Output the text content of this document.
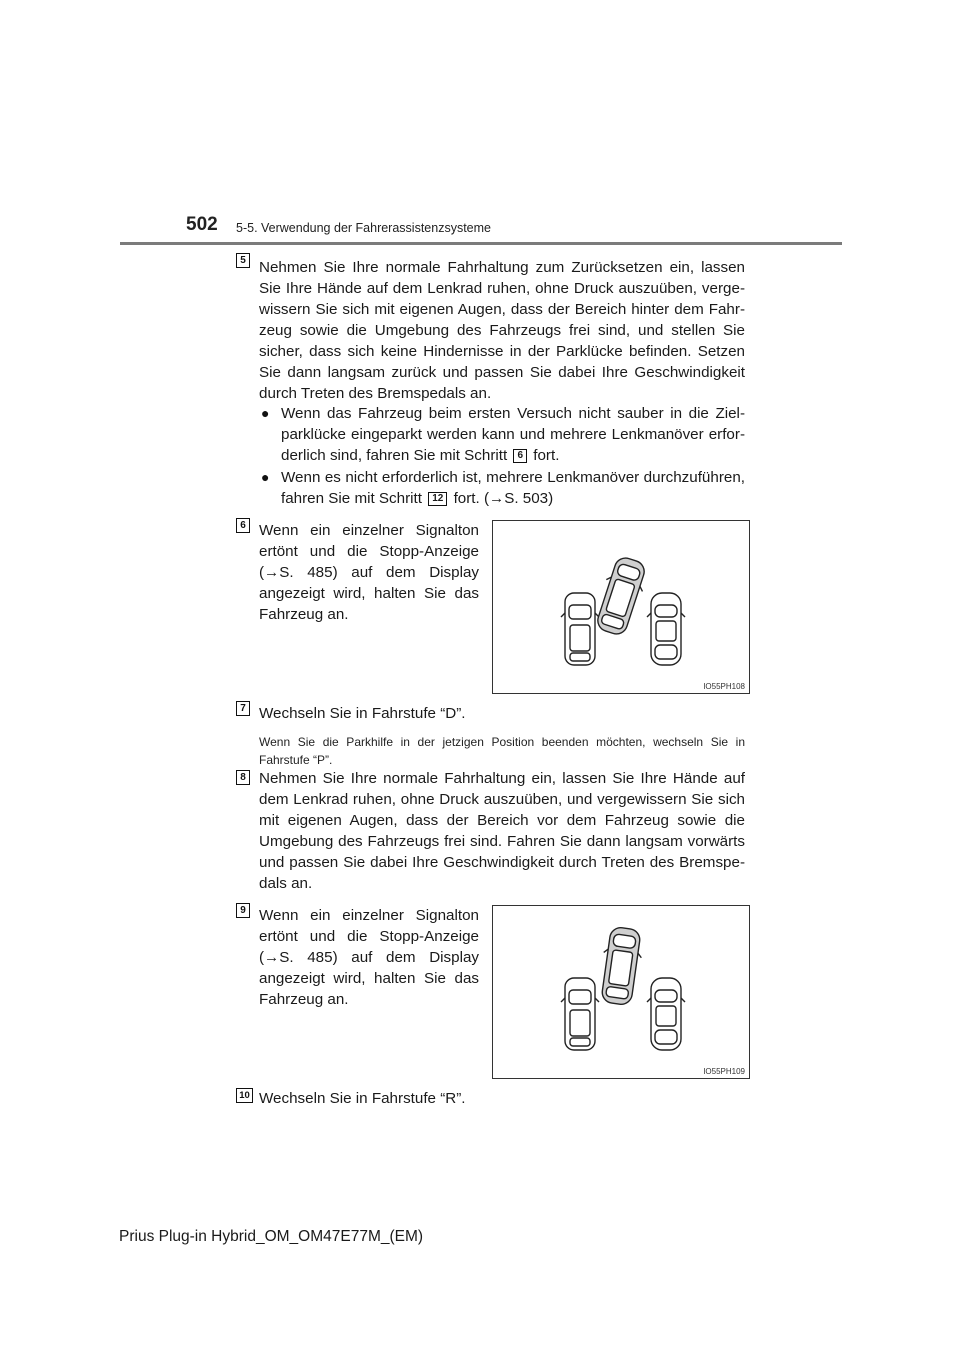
502 5-5. Verwendung der Fahrerassistenzsysteme
5 Nehmen Sie Ihre normale Fahrhaltung zum Zurücksetzen ein, lassen Sie Ihre Hände auf dem Lenkrad ruhen, ohne Druck auszuüben, vergewissern Sie sich mit eigenen Augen, dass der Bereich hinter dem Fahrzeug sowie die Umgebung des Fahrzeugs frei sind, und stellen Sie sicher, dass sich keine Hindernisse in der Parklücke befinden. Setzen Sie dann langsam zurück und passen Sie dabei Ihre Geschwindigkeit durch Treten des Bremspedals an.
● Wenn das Fahrzeug beim ersten Versuch nicht sauber in die Zielparklücke eingeparkt werden kann und mehrere Lenkmanöver erforderlich sind, fahren Sie mit Schritt 6 fort.
● Wenn es nicht erforderlich ist, mehrere Lenkmanöver durchzuführen, fahren Sie mit Schritt 12 fort. (→S. 503)
6 Wenn ein einzelner Signalton ertönt und die Stopp-Anzeige (→S. 485) auf dem Display angezeigt wird, halten Sie das Fahrzeug an.
IO55PH108
7 Wechseln Sie in Fahrstufe “D”.
Wenn Sie die Parkhilfe in der jetzigen Position beenden möchten, wechseln Sie in Fahrstufe “P”.
8 Nehmen Sie Ihre normale Fahrhaltung ein, lassen Sie Ihre Hände auf dem Lenkrad ruhen, ohne Druck auszuüben, und vergewissern Sie sich mit eigenen Augen, dass der Bereich vor dem Fahrzeug sowie die Umgebung des Fahrzeugs frei sind. Fahren Sie dann langsam vorwärts und passen Sie dabei Ihre Geschwindigkeit durch Treten des Bremspedals an.
9 Wenn ein einzelner Signalton ertönt und die Stopp-Anzeige (→S. 485) auf dem Display angezeigt wird, halten Sie das Fahrzeug an.
IO55PH109
10 Wechseln Sie in Fahrstufe “R”.
Prius Plug-in Hybrid_OM_OM47E77M_(EM)
